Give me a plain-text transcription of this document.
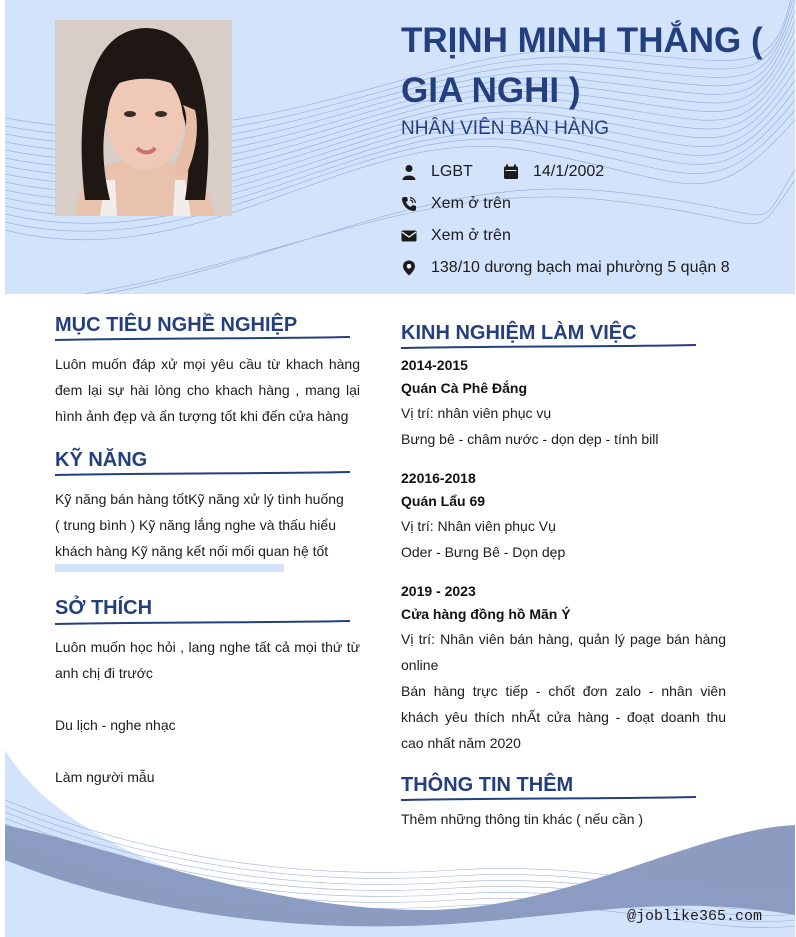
TRỊNH MINH THẮNG ( GIA NGHI )
NHÂN VIÊN BÁN HÀNG
LGBT	14/1/2002
Xem ở trên
Xem ở trên
138/10 dương bạch mai phường 5 quận 8
MỤC TIÊU NGHỀ NGHIỆP
Luôn muốn đáp xử mọi yêu cầu từ khach hàng đem lại sự hài lòng cho khach hàng , mang lại hình ảnh đẹp và ấn tượng tốt khi đến cửa hàng
KỸ NĂNG
Kỹ năng bán hàng tốtKỹ năng xử lý tình huống ( trung bình ) Kỹ năng lắng nghe và thấu hiểu khách hàng Kỹ năng kết nối mối quan hệ tốt
SỞ THÍCH
Luôn muốn học hỏi , lang nghe tất cả mọi thứ từ anh chị đi trước
Du lịch - nghe nhạc
Làm người mẫu
KINH NGHIỆM LÀM VIỆC
2014-2015
Quán Cà Phê Đắng
Vị trí: nhân viên phục vụ
Bưng bê - châm nước - dọn dẹp - tính bill
22016-2018
Quán Lẩu 69
Vị trí: Nhân viên phục Vụ
Oder - Bưng Bê - Dọn dẹp
2019 - 2023
Cửa hàng đồng hồ Mãn Ý
Vị trí: Nhân viên bán hàng, quản lý page bán hàng online
Bán hàng trực tiếp - chốt đơn zalo - nhân viên khách yêu thích nhẤt cửa hàng - đoạt doanh thu cao nhất năm 2020
THÔNG TIN THÊM
Thêm những thông tin khác ( nếu cần )
@joblike365.com
